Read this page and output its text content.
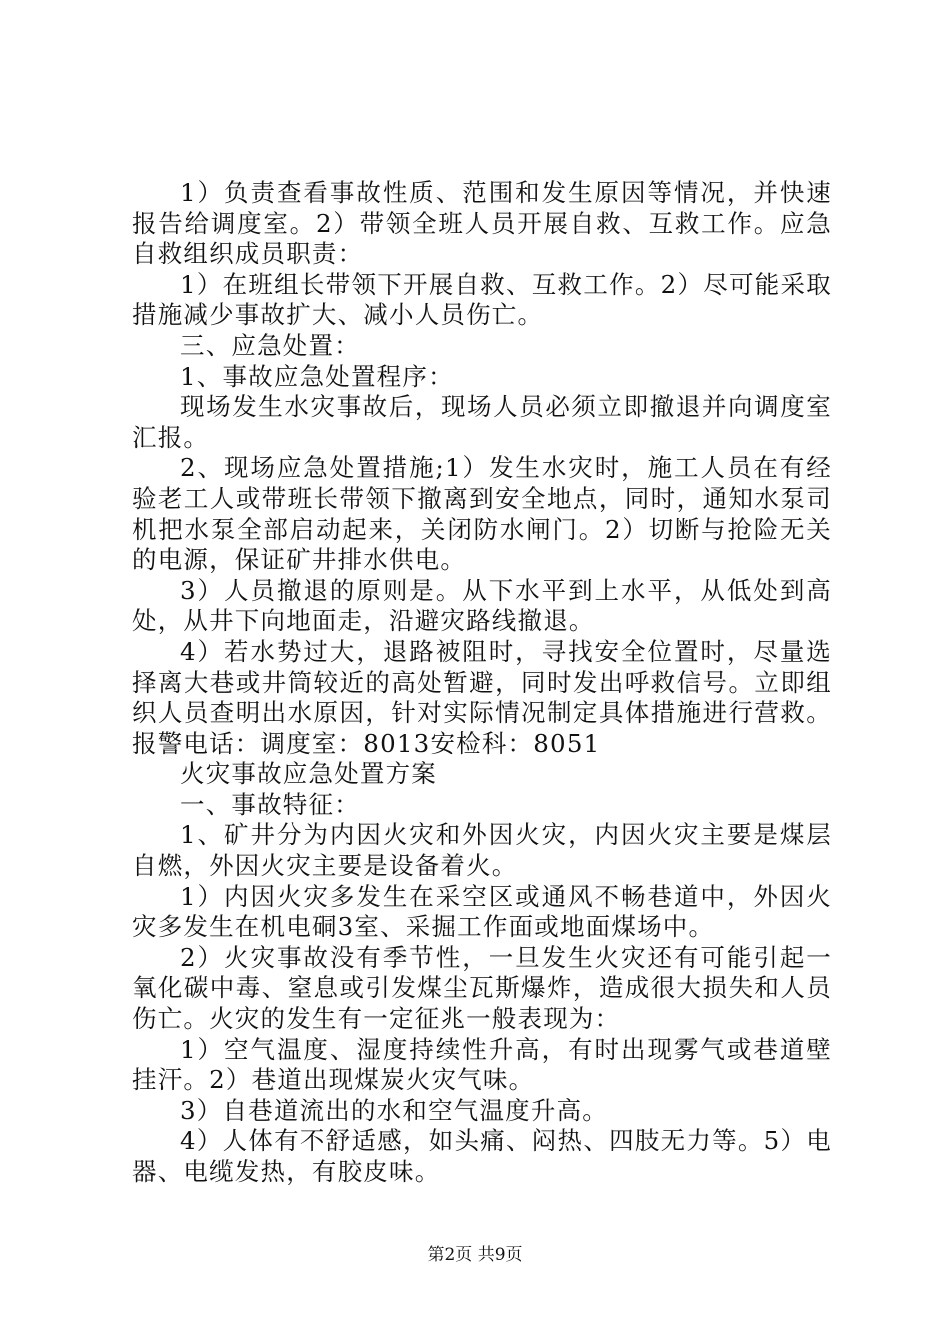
1）负责查看事故性质、范围和发生原因等情况，并快速报告给调度室。2）带领全班人员开展自救、互救工作。应急自救组织成员职责：

1）在班组长带领下开展自救、互救工作。2）尽可能采取措施减少事故扩大、减小人员伤亡。

三、应急处置：

1、事故应急处置程序：

现场发生水灾事故后，现场人员必须立即撤退并向调度室汇报。

2、现场应急处置措施;1）发生水灾时，施工人员在有经验老工人或带班长带领下撤离到安全地点，同时，通知水泵司机把水泵全部启动起来，关闭防水闸门。2）切断与抢险无关的电源，保证矿井排水供电。

3）人员撤退的原则是。从下水平到上水平，从低处到高处，从井下向地面走，沿避灾路线撤退。

4）若水势过大，退路被阻时，寻找安全位置时，尽量选择离大巷或井筒较近的高处暂避，同时发出呼救信号。立即组织人员查明出水原因，针对实际情况制定具体措施进行营救。报警电话：调度室：8013安检科：8051

火灾事故应急处置方案

一、事故特征：

1、矿井分为内因火灾和外因火灾，内因火灾主要是煤层自燃，外因火灾主要是设备着火。

1）内因火灾多发生在采空区或通风不畅巷道中，外因火灾多发生在机电硐3室、采掘工作面或地面煤场中。

2）火灾事故没有季节性，一旦发生火灾还有可能引起一氧化碳中毒、窒息或引发煤尘瓦斯爆炸，造成很大损失和人员伤亡。火灾的发生有一定征兆一般表现为：

1）空气温度、湿度持续性升高，有时出现雾气或巷道壁挂汗。2）巷道出现煤炭火灾气味。

3）自巷道流出的水和空气温度升高。

4）人体有不舒适感，如头痛、闷热、四肢无力等。5）电器、电缆发热，有胶皮味。

第2页 共9页
